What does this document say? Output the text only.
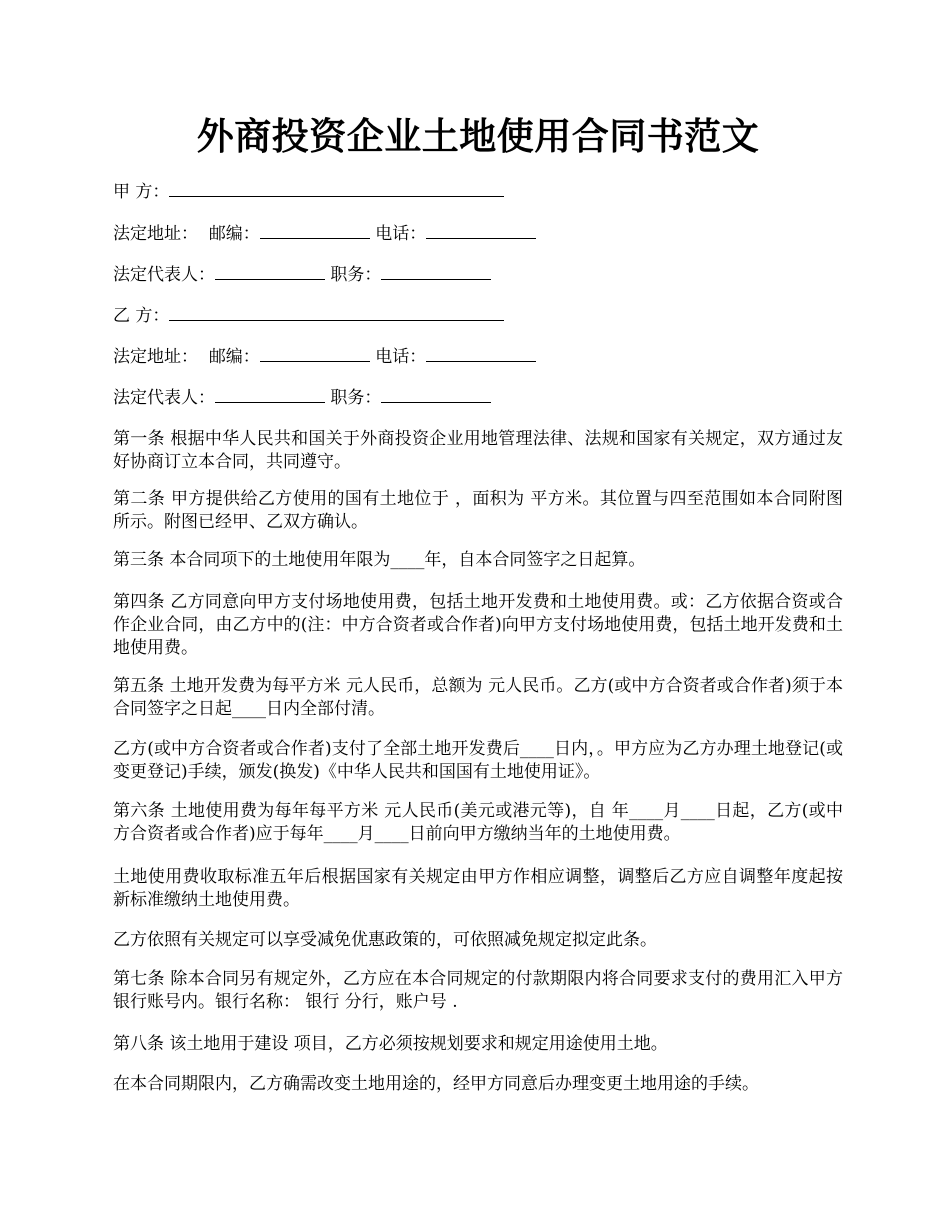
外商投资企业土地使用合同书范文

甲 方：

法定地址： 邮编：	电话：

法定代表人：	职务：

乙 方：

法定地址： 邮编：	电话：

法定代表人：	职务：

第一条 根据中华人民共和国关于外商投资企业用地管理法律、法规和国家有关规定，双方通过友好协商订立本合同，共同遵守。

第二条 甲方提供给乙方使用的国有土地位于 ，面积为 平方米。其位置与四至范围如本合同附图所示。附图已经甲、乙双方确认。

第三条 本合同项下的土地使用年限为____年，自本合同签字之日起算。

第四条 乙方同意向甲方支付场地使用费，包括土地开发费和土地使用费。或：乙方依据合资或合作企业合同，由乙方中的(注：中方合资者或合作者)向甲方支付场地使用费，包括土地开发费和土地使用费。

第五条 土地开发费为每平方米 元人民币，总额为 元人民币。乙方(或中方合资者或合作者)须于本合同签字之日起____日内全部付清。

乙方(或中方合资者或合作者)支付了全部土地开发费后____日内，。甲方应为乙方办理土地登记(或变更登记)手续，颁发(换发)《中华人民共和国国有土地使用证》。

第六条 土地使用费为每年每平方米 元人民币(美元或港元等)，自 年____月____日起，乙方(或中方合资者或合作者)应于每年____月____日前向甲方缴纳当年的土地使用费。

土地使用费收取标准五年后根据国家有关规定由甲方作相应调整，调整后乙方应自调整年度起按新标准缴纳土地使用费。

乙方依照有关规定可以享受减免优惠政策的，可依照减免规定拟定此条。

第七条 除本合同另有规定外，乙方应在本合同规定的付款期限内将合同要求支付的费用汇入甲方银行账号内。银行名称： 银行 分行，账户号 .

第八条 该土地用于建设 项目，乙方必须按规划要求和规定用途使用土地。

在本合同期限内，乙方确需改变土地用途的，经甲方同意后办理变更土地用途的手续。
